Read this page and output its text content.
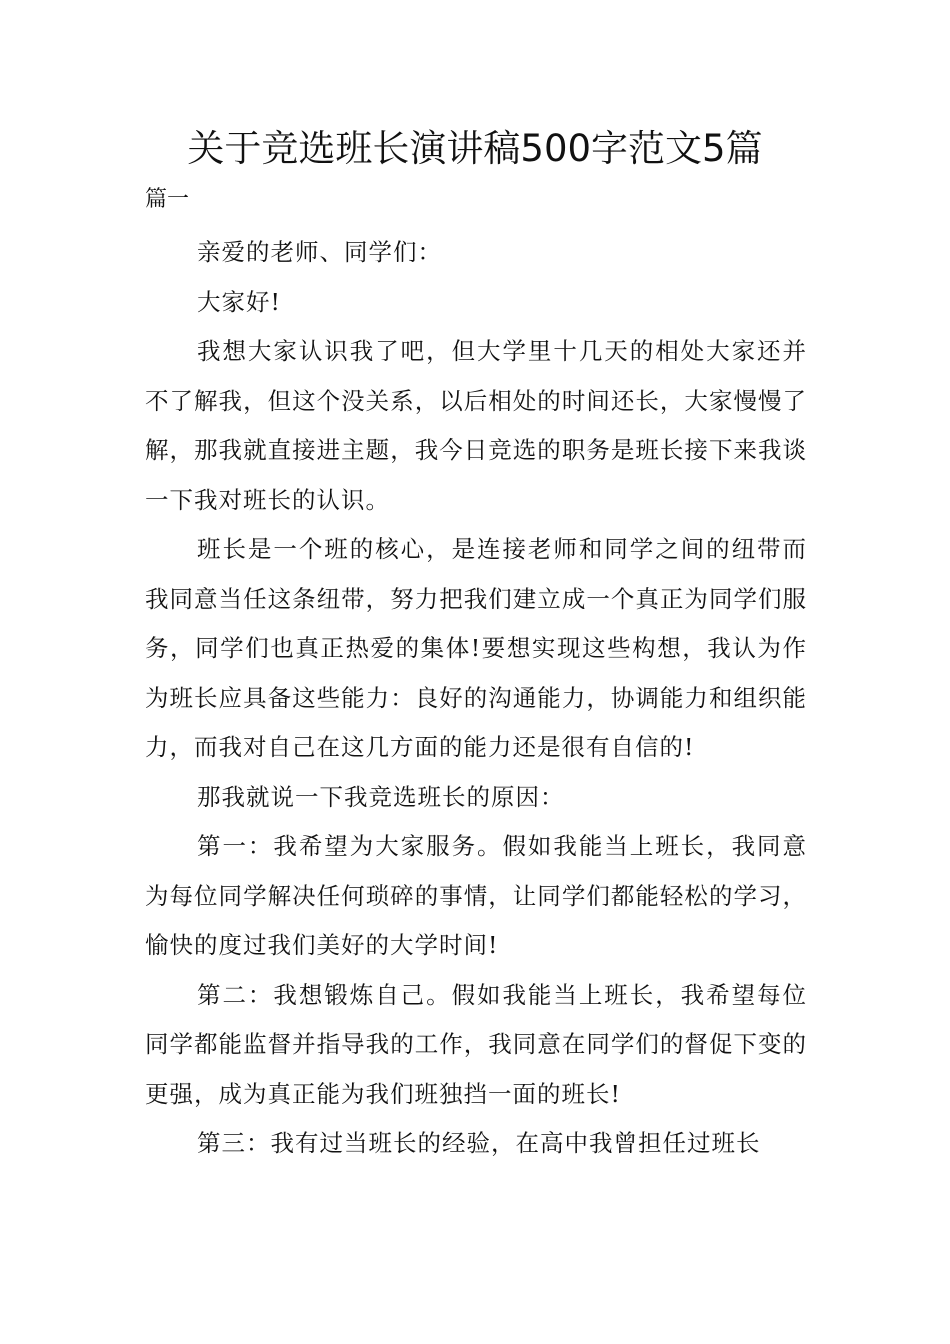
关于竞选班长演讲稿500字范文5篇
篇一

亲爱的老师、同学们：

大家好!

我想大家认识我了吧，但大学里十几天的相处大家还并不了解我，但这个没关系，以后相处的时间还长，大家慢慢了解，那我就直接进主题，我今日竞选的职务是班长接下来我谈一下我对班长的认识。

班长是一个班的核心，是连接老师和同学之间的纽带而我同意当任这条纽带，努力把我们建立成一个真正为同学们服务，同学们也真正热爱的集体!要想实现这些构想，我认为作为班长应具备这些能力：良好的沟通能力，协调能力和组织能力，而我对自己在这几方面的能力还是很有自信的!

那我就说一下我竞选班长的原因：

第一：我希望为大家服务。假如我能当上班长，我同意为每位同学解决任何琐碎的事情，让同学们都能轻松的学习，愉快的度过我们美好的大学时间!

第二：我想锻炼自己。假如我能当上班长，我希望每位同学都能监督并指导我的工作，我同意在同学们的督促下变的更强，成为真正能为我们班独挡一面的班长!

第三：我有过当班长的经验，在高中我曾担任过班长
